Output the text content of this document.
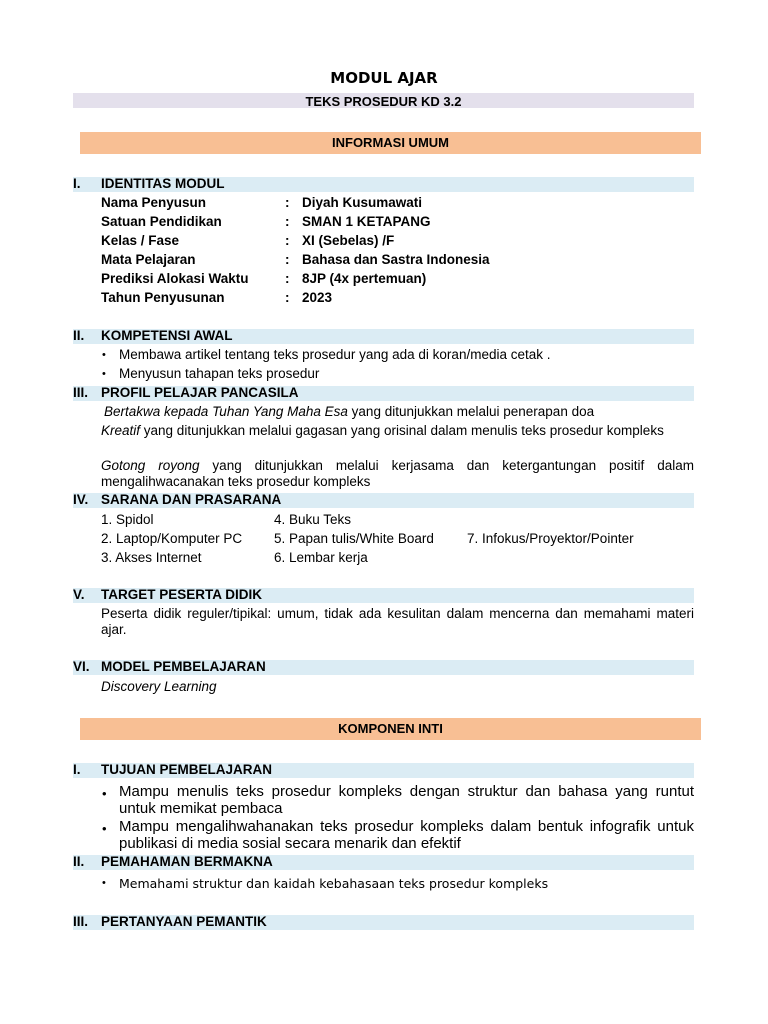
MODUL AJAR
TEKS PROSEDUR KD 3.2
INFORMASI UMUM
I. IDENTITAS MODUL
Nama Penyusun	: Diyah Kusumawati
Satuan Pendidikan	: SMAN 1 KETAPANG
Kelas / Fase	: XI (Sebelas) /F
Mata Pelajaran	: Bahasa dan Sastra Indonesia
Prediksi Alokasi Waktu	: 8JP (4x pertemuan)
Tahun Penyusunan	: 2023
II. KOMPETENSI AWAL
• Membawa artikel tentang teks prosedur yang ada di koran/media cetak .
• Menyusun tahapan teks prosedur
III. PROFIL PELAJAR PANCASILA
Bertakwa kepada Tuhan Yang Maha Esa yang ditunjukkan melalui penerapan doa
Kreatif yang ditunjukkan melalui gagasan yang orisinal dalam menulis teks prosedur kompleks
Gotong royong yang ditunjukkan melalui kerjasama dan ketergantungan positif dalam mengalihwacanakan teks prosedur kompleks
IV. SARANA DAN PRASARANA
1. Spidol	4. Buku Teks
2. Laptop/Komputer PC 5. Papan tulis/White Board 7. Infokus/Proyektor/Pointer
3. Akses Internet	6. Lembar kerja
V. TARGET PESERTA DIDIK
Peserta didik reguler/tipikal: umum, tidak ada kesulitan dalam mencerna dan memahami materi ajar.
VI. MODEL PEMBELAJARAN
Discovery Learning
KOMPONEN INTI
I. TUJUAN PEMBELAJARAN
• Mampu menulis teks prosedur kompleks dengan struktur dan bahasa yang runtut untuk memikat pembaca
• Mampu mengalihwahanakan teks prosedur kompleks dalam bentuk infografik untuk publikasi di media sosial secara menarik dan efektif
II. PEMAHAMAN BERMAKNA
• Memahami struktur dan kaidah kebahasaan teks prosedur kompleks
III. PERTANYAAN PEMANTIK
